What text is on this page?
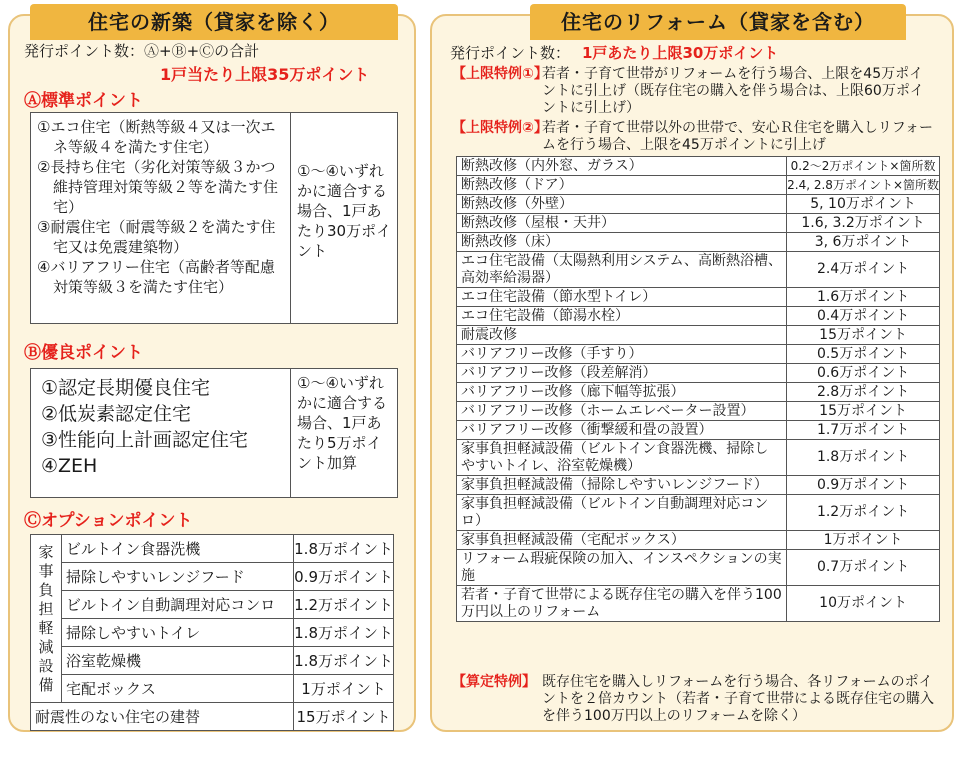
住宅の新築（貸家を除く）
発行ポイント数：Ⓐ+Ⓑ+Ⓒの合計
1戸当たり上限35万ポイント
Ⓐ標準ポイント
①エコ住宅（断熱等級４又は一次エネ等級４を満たす住宅）
②長持ち住宅（劣化対策等級３かつ維持管理対策等級２等を満たす住宅）
③耐震住宅（耐震等級２を満たす住宅又は免震建築物）
④バリアフリー住宅（高齢者等配慮対策等級３を満たす住宅）
①〜④いずれかに適合する場合、1戸あたり30万ポイント
Ⓑ優良ポイント
①認定長期優良住宅
②低炭素認定住宅
③性能向上計画認定住宅
④ZEH
①〜④いずれかに適合する場合、1戸あたり5万ポイント加算
Ⓒオプションポイント
家事負担軽減設備	ビルトイン食器洗機	1.8万ポイント
	掃除しやすいレンジフード	0.9万ポイント
	ビルトイン自動調理対応コンロ	1.2万ポイント
	掃除しやすいトイレ	1.8万ポイント
	浴室乾燥機	1.8万ポイント
	宅配ボックス	1万ポイント
耐震性のない住宅の建替		15万ポイント
住宅のリフォーム（貸家を含む）
発行ポイント数： 1戸あたり上限30万ポイント
【上限特例①】
若者・子育て世帯がリフォームを行う場合、上限を45万ポイントに引上げ（既存住宅の購入を伴う場合は、上限60万ポイントに引上げ）
【上限特例②】
若者・子育て世帯以外の世帯で、安心Ｒ住宅を購入しリフォームを行う場合、上限を45万ポイントに引上げ
断熱改修（内外窓、ガラス）	0.2〜2万ポイント×箇所数
断熱改修（ドア）	2.4, 2.8万ポイント×箇所数
断熱改修（外壁）	5, 10万ポイント
断熱改修（屋根・天井）	1.6, 3.2万ポイント
断熱改修（床）	3, 6万ポイント
エコ住宅設備（太陽熱利用システム、高断熱浴槽、高効率給湯器）	2.4万ポイント
エコ住宅設備（節水型トイレ）	1.6万ポイント
エコ住宅設備（節湯水栓）	0.4万ポイント
耐震改修	15万ポイント
バリアフリー改修（手すり）	0.5万ポイント
バリアフリー改修（段差解消）	0.6万ポイント
バリアフリー改修（廊下幅等拡張）	2.8万ポイント
バリアフリー改修（ホームエレベーター設置）	15万ポイント
バリアフリー改修（衝撃緩和畳の設置）	1.7万ポイント
家事負担軽減設備（ビルトイン食器洗機、掃除しやすいトイレ、浴室乾燥機）	1.8万ポイント
家事負担軽減設備（掃除しやすいレンジフード）	0.9万ポイント
家事負担軽減設備（ビルトイン自動調理対応コンロ）	1.2万ポイント
家事負担軽減設備（宅配ボックス）	1万ポイント
リフォーム瑕疵保険の加入、インスペクションの実施	0.7万ポイント
若者・子育て世帯による既存住宅の購入を伴う100万円以上のリフォーム	10万ポイント
【算定特例】 既存住宅を購入しリフォームを行う場合、各リフォームのポイントを２倍カウント（若者・子育て世帯による既存住宅の購入を伴う100万円以上のリフォームを除く）
